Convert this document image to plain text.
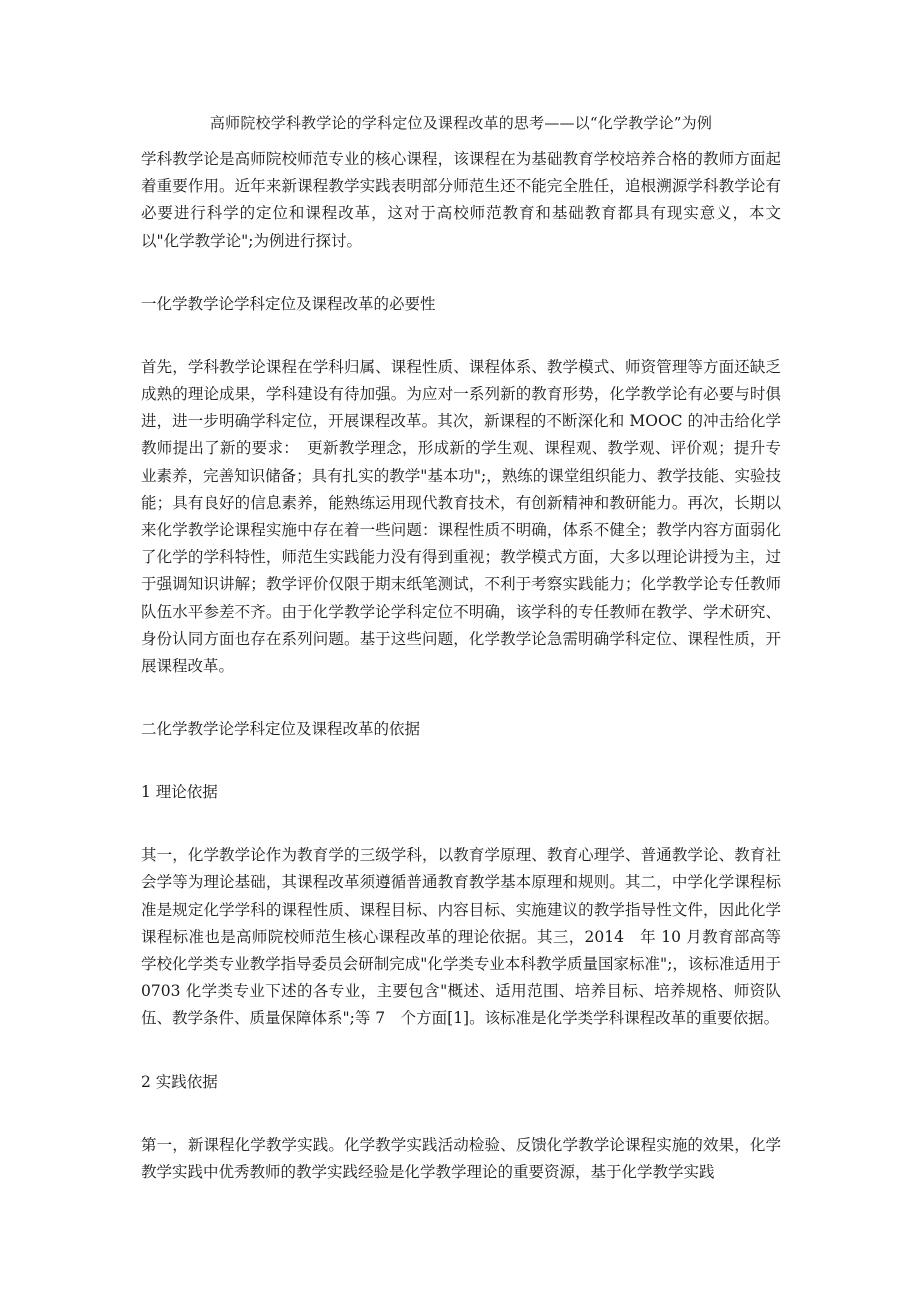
高师院校学科教学论的学科定位及课程改革的思考——以“化学教学论”为例

学科教学论是高师院校师范专业的核心课程，该课程在为基础教育学校培养合格的教师方面起着重要作用。近年来新课程教学实践表明部分师范生还不能完全胜任，追根溯源学科教学论有必要进行科学的定位和课程改革，这对于高校师范教育和基础教育都具有现实意义，本文以"化学教学论";为例进行探讨。

一化学教学论学科定位及课程改革的必要性

首先，学科教学论课程在学科归属、课程性质、课程体系、教学模式、师资管理等方面还缺乏成熟的理论成果，学科建设有待加强。为应对一系列新的教育形势，化学教学论有必要与时俱进，进一步明确学科定位，开展课程改革。其次，新课程的不断深化和 MOOC 的冲击给化学教师提出了新的要求：　更新教学理念，形成新的学生观、课程观、教学观、评价观；提升专业素养，完善知识储备；具有扎实的教学"基本功";，熟练的课堂组织能力、教学技能、实验技能；具有良好的信息素养，能熟练运用现代教育技术，有创新精神和教研能力。再次，长期以来化学教学论课程实施中存在着一些问题：课程性质不明确，体系不健全；教学内容方面弱化了化学的学科特性，师范生实践能力没有得到重视；教学模式方面，大多以理论讲授为主，过于强调知识讲解；教学评价仅限于期末纸笔测试，不利于考察实践能力；化学教学论专任教师队伍水平参差不齐。由于化学教学论学科定位不明确，该学科的专任教师在教学、学术研究、身份认同方面也存在系列问题。基于这些问题，化学教学论急需明确学科定位、课程性质，开展课程改革。

二化学教学论学科定位及课程改革的依据

1 理论依据

其一，化学教学论作为教育学的三级学科，以教育学原理、教育心理学、普通教学论、教育社会学等为理论基础，其课程改革须遵循普通教育教学基本原理和规则。其二，中学化学课程标准是规定化学学科的课程性质、课程目标、内容目标、实施建议的教学指导性文件，因此化学课程标准也是高师院校师范生核心课程改革的理论依据。其三，2014　年 10 月教育部高等学校化学类专业教学指导委员会研制完成"化学类专业本科教学质量国家标准";，该标准适用于 0703 化学类专业下述的各专业，主要包含"概述、适用范围、培养目标、培养规格、师资队伍、教学条件、质量保障体系";等 7　个方面[1]。该标准是化学类学科课程改革的重要依据。

2 实践依据

第一，新课程化学教学实践。化学教学实践活动检验、反馈化学教学论课程实施的效果，化学教学实践中优秀教师的教学实践经验是化学教学理论的重要资源，基于化学教学实践
